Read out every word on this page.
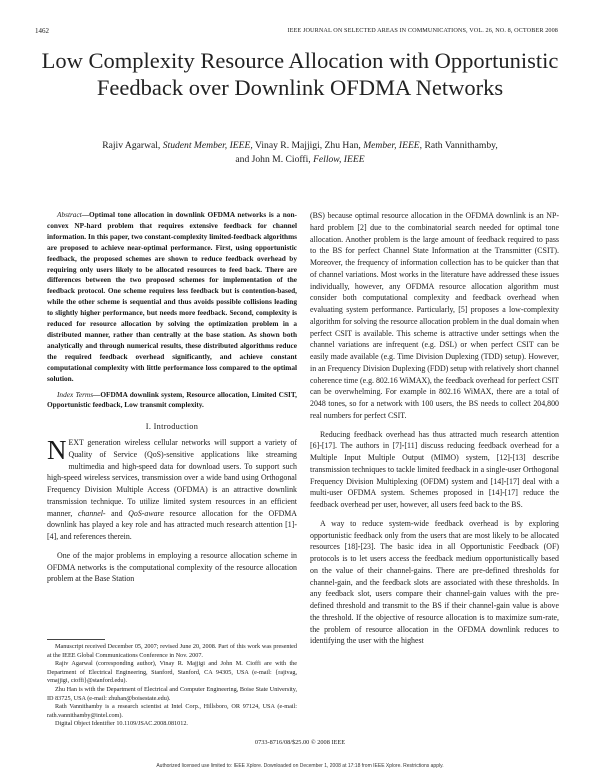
1462	IEEE JOURNAL ON SELECTED AREAS IN COMMUNICATIONS, VOL. 26, NO. 8, OCTOBER 2008
Low Complexity Resource Allocation with Opportunistic Feedback over Downlink OFDMA Networks
Rajiv Agarwal, Student Member, IEEE, Vinay R. Majjigi, Zhu Han, Member, IEEE, Rath Vannithamby,
and John M. Cioffi, Fellow, IEEE
Abstract—Optimal tone allocation in downlink OFDMA networks is a non-convex NP-hard problem that requires extensive feedback for channel information. In this paper, two constant-complexity limited-feedback algorithms are proposed to achieve near-optimal performance. First, using opportunistic feedback, the proposed schemes are shown to reduce feedback overhead by requiring only users likely to be allocated resources to feed back. There are differences between the two proposed schemes for implementation of the feedback protocol. One scheme requires less feedback but is contention-based, while the other scheme is sequential and thus avoids possible collisions leading to slightly higher performance, but needs more feedback. Second, complexity is reduced for resource allocation by solving the optimization problem in a distributed manner, rather than centrally at the base station. As shown both analytically and through numerical results, these distributed algorithms reduce the required feedback overhead significantly, and achieve constant computational complexity with little performance loss compared to the optimal solution.
Index Terms—OFDMA downlink system, Resource allocation, Limited CSIT, Opportunistic feedback, Low transmit complexity.
I. Introduction

NEXT generation wireless cellular networks will support a variety of Quality of Service (QoS)-sensitive applications like streaming multimedia and high-speed data for download users. To support such high-speed wireless services, transmission over a wide band using Orthogonal Frequency Division Multiple Access (OFDMA) is an attractive downlink transmission technique. To utilize limited system resources in an efficient manner, channel- and QoS-aware resource allocation for the OFDMA downlink has played a key role and has attracted much research attention [1]-[4], and references therein.

One of the major problems in employing a resource allocation scheme in OFDMA networks is the computational complexity of the resource allocation problem at the Base Station

(BS) because optimal resource allocation in the OFDMA downlink is an NP-hard problem [2] due to the combinatorial search needed for optimal tone allocation. Another problem is the large amount of feedback required to pass to the BS for perfect Channel State Information at the Transmitter (CSIT). Moreover, the frequency of information collection has to be quicker than that of channel variations. Most works in the literature have addressed these issues individually, however, any OFDMA resource allocation algorithm must consider both computational complexity and feedback overhead when evaluating system performance. Particularly, [5] proposes a low-complexity algorithm for solving the resource allocation problem in the dual domain when perfect CSIT is available. This scheme is attractive under settings when the channel variations are infrequent (e.g. DSL) or when perfect CSIT can be easily made available (e.g. Time Division Duplexing (TDD) setup). However, in an Frequency Division Duplexing (FDD) setup with relatively short channel coherence time (e.g. 802.16 WiMAX), the feedback overhead for perfect CSIT can be overwhelming. For example in 802.16 WiMAX, there are a total of 2048 tones, so for a network with 100 users, the BS needs to collect 204,800 real numbers for perfect CSIT.

Reducing feedback overhead has thus attracted much research attention [6]-[17]. The authors in [7]-[11] discuss reducing feedback overhead for a Multiple Input Multiple Output (MIMO) system, [12]-[13] describe transmission techniques to tackle limited feedback in a single-user Orthogonal Frequency Division Multiplexing (OFDM) system and [14]-[17] deal with a multi-user OFDMA system. Schemes proposed in [14]-[17] reduce the feedback overhead per user, however, all users feed back to the BS.

A way to reduce system-wide feedback overhead is by exploring opportunistic feedback only from the users that are most likely to be allocated resources [18]-[23]. The basic idea in all Opportunistic Feedback (OF) protocols is to let users access the feedback medium opportunistically based on the value of their channel-gains. There are pre-defined thresholds for channel-gain, and the feedback slots are associated with these thresholds. In any feedback slot, users compare their channel-gain values with the pre-defined threshold and transmit to the BS if their channel-gain value is above the threshold. If the objective of resource allocation is to maximize sum-rate, the problem of resource allocation in the OFDMA downlink reduces to identifying the user with the highest

Manuscript received December 05, 2007; revised June 20, 2008. Part of this work was presented at the IEEE Global Communications Conference in Nov. 2007.

Rajiv Agarwal (corresponding author), Vinay R. Majjigi and John M. Cioffi are with the Department of Electrical Engineering, Stanford, Stanford, CA 94305, USA (e-mail: {rajivag, vmajjigi, cioffi}@stanford.edu).

Zhu Han is with the Department of Electrical and Computer Engineering, Boise State University, ID 83725, USA (e-mail: zhuhan@boisestate.edu).

Rath Vannithamby is a research scientist at Intel Corp., Hillsboro, OR 97124, USA (e-mail: rath.vannithamby@intel.com).

Digital Object Identifier 10.1109/JSAC.2008.081012.

0733-8716/08/$25.00 © 2008 IEEE
Authorized licensed use limited to: IEEE Xplore. Downloaded on December 1, 2008 at 17:18 from IEEE Xplore. Restrictions apply.
